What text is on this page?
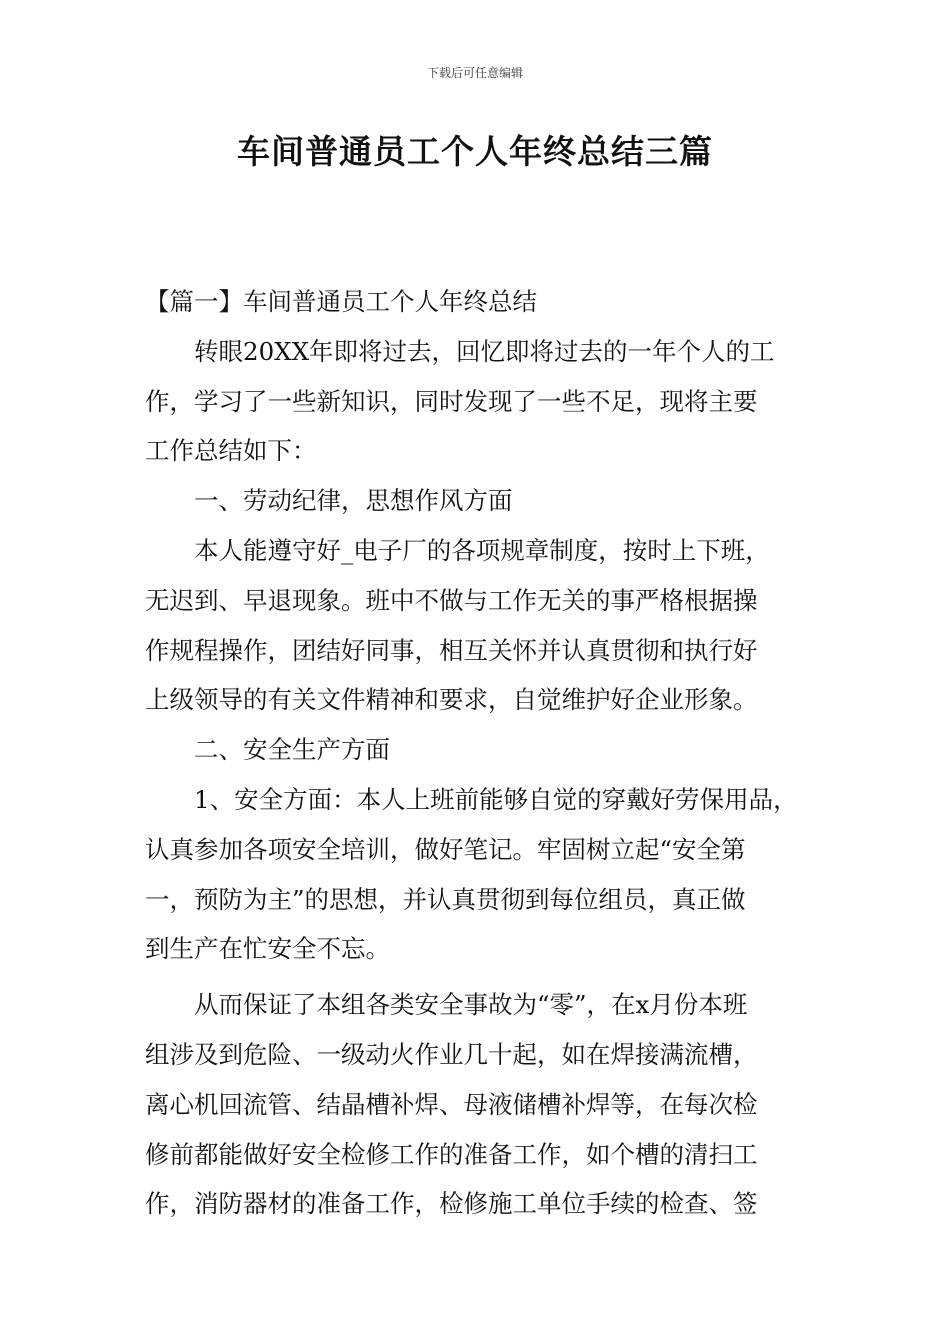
下载后可任意编辑
车间普通员工个人年终总结三篇
【篇一】车间普通员工个人年终总结
转眼20XX年即将过去，回忆即将过去的一年个人的工
作，学习了一些新知识，同时发现了一些不足，现将主要
工作总结如下：
一、劳动纪律，思想作风方面
本人能遵守好_电子厂的各项规章制度，按时上下班，
无迟到、早退现象。班中不做与工作无关的事严格根据操
作规程操作，团结好同事，相互关怀并认真贯彻和执行好
上级领导的有关文件精神和要求，自觉维护好企业形象。
二、安全生产方面
1、安全方面：本人上班前能够自觉的穿戴好劳保用品，
认真参加各项安全培训，做好笔记。牢固树立起“安全第
一，预防为主”的思想，并认真贯彻到每位组员，真正做
到生产在忙安全不忘。
从而保证了本组各类安全事故为“零”，在x月份本班
组涉及到危险、一级动火作业几十起，如在焊接满流槽，
离心机回流管、结晶槽补焊、母液储槽补焊等，在每次检
修前都能做好安全检修工作的准备工作，如个槽的清扫工
作，消防器材的准备工作，检修施工单位手续的检查、签
